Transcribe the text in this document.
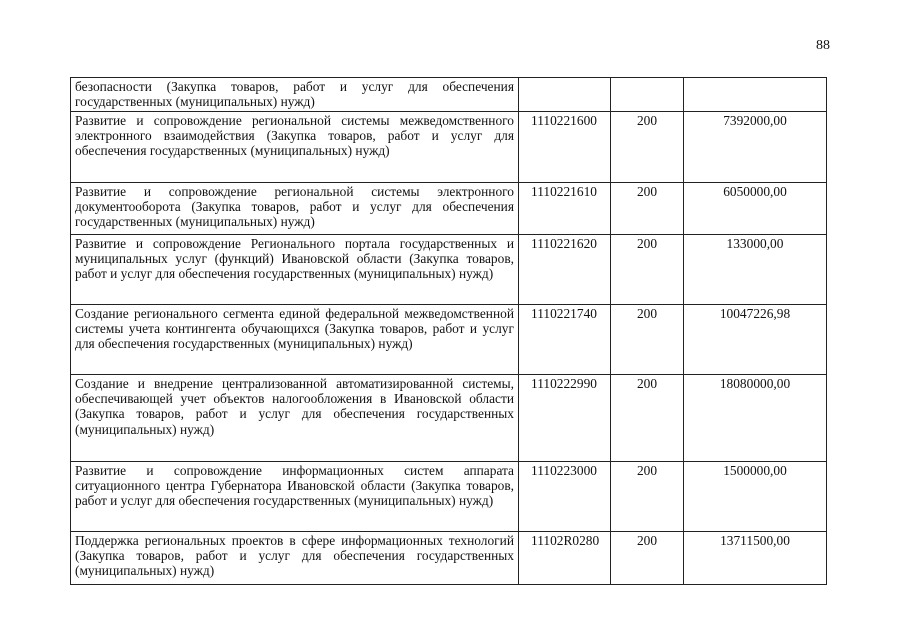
88
безопасности (Закупка товаров, работ и услуг для обеспечения государственных (муниципальных) нужд)			
Развитие и сопровождение региональной системы межведомственного электронного взаимодействия (Закупка товаров, работ и услуг для обеспечения государственных (муниципальных) нужд)	1110221600	200	7392000,00
Развитие и сопровождение региональной системы электронного документооборота (Закупка товаров, работ и услуг для обеспечения государственных (муниципальных) нужд)	1110221610	200	6050000,00
Развитие и сопровождение Регионального портала государственных и муниципальных услуг (функций) Ивановской области (Закупка товаров, работ и услуг для обеспечения государственных (муниципальных) нужд)	1110221620	200	133000,00
Создание регионального сегмента единой федеральной межведомственной системы учета контингента обучающихся (Закупка товаров, работ и услуг для обеспечения государственных (муниципальных) нужд)	1110221740	200	10047226,98
Создание и внедрение централизованной автоматизированной системы, обеспечивающей учет объектов налогообложения в Ивановской области (Закупка товаров, работ и услуг для обеспечения государственных (муниципальных) нужд)	1110222990	200	18080000,00
Развитие и сопровождение информационных систем аппарата ситуационного центра Губернатора Ивановской области (Закупка товаров, работ и услуг для обеспечения государственных (муниципальных) нужд)	1110223000	200	1500000,00
Поддержка региональных проектов в сфере информационных технологий (Закупка товаров, работ и услуг для обеспечения государственных (муниципальных) нужд)	11102R0280	200	13711500,00
